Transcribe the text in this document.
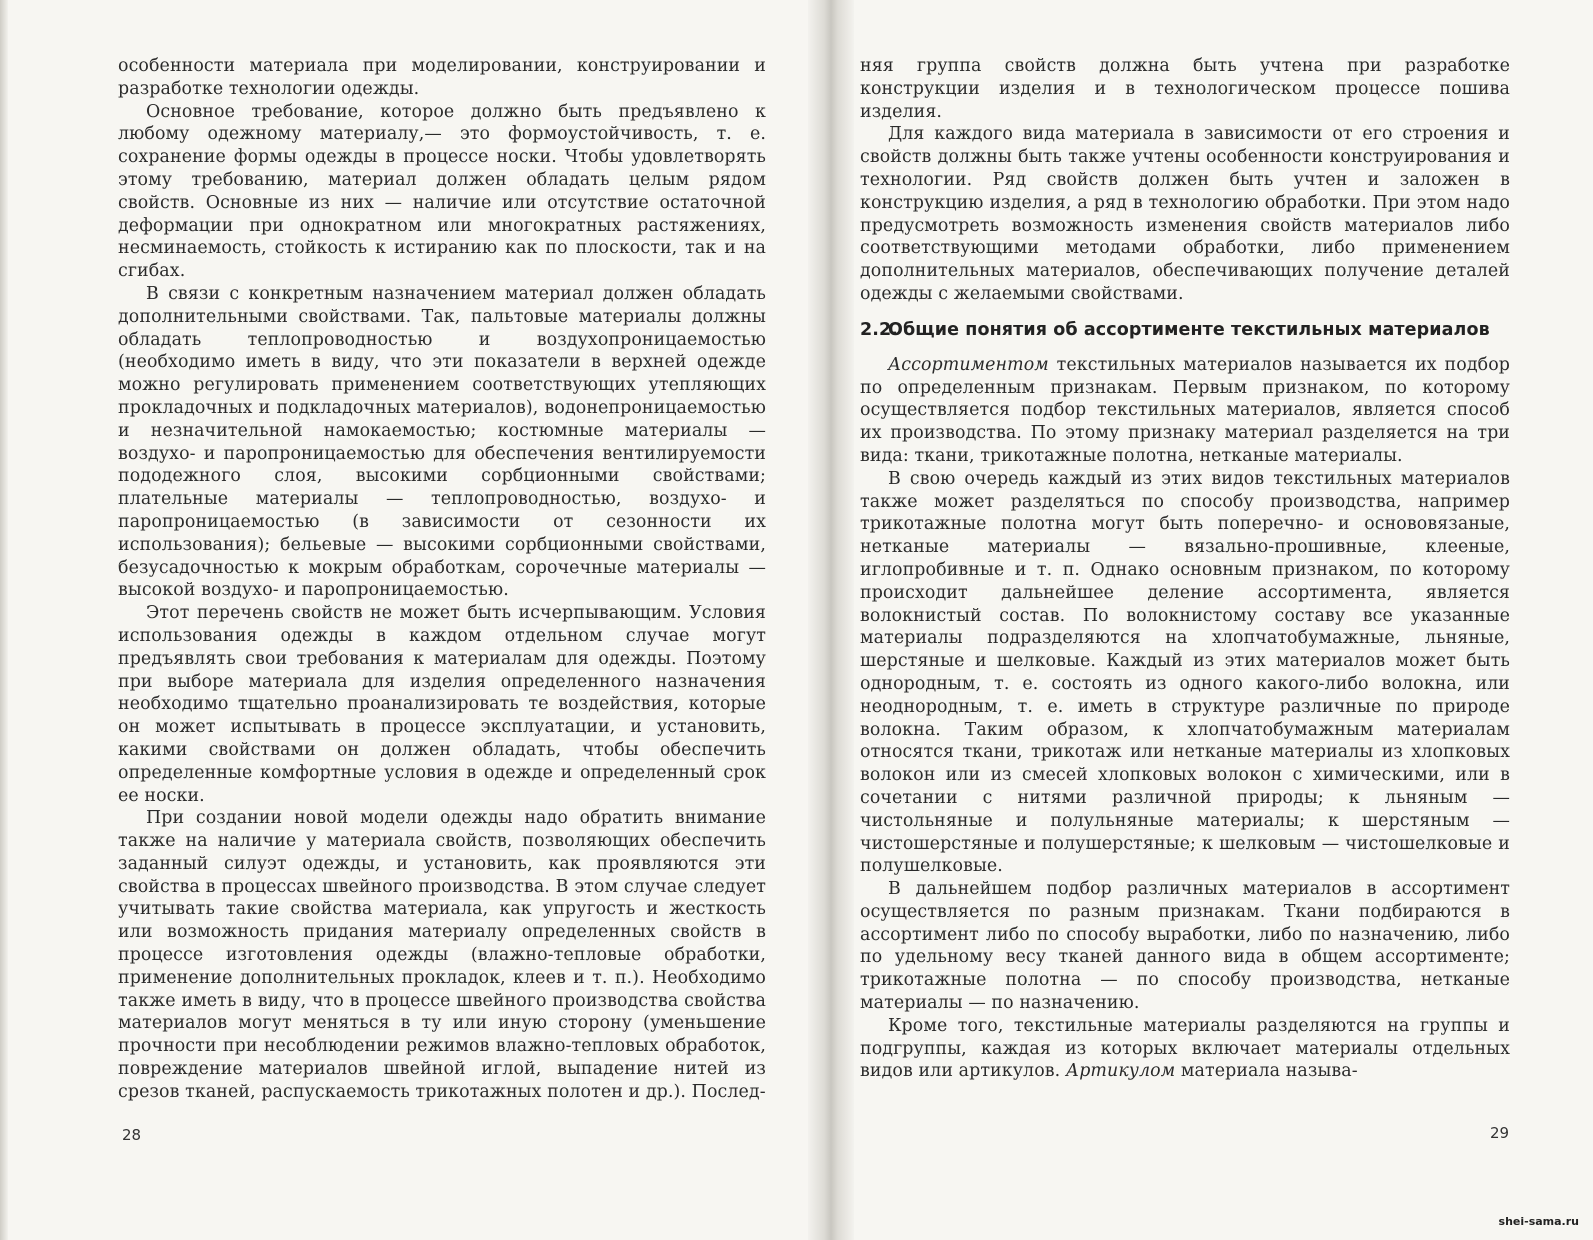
особенности материала при моделировании, конструировании и разработке технологии одежды.

Основное требование, которое должно быть предъявлено к любому одежному материалу,— это формоустойчивость, т. е. сохранение формы одежды в процессе носки. Чтобы удовлетворять этому требованию, материал должен обладать целым рядом свойств. Основные из них — наличие или отсутствие остаточной деформации при однократном или многократных растяжениях, несминаемость, стойкость к истиранию как по плоскости, так и на сгибах.

В связи с конкретным назначением материал должен обладать дополнительными свойствами. Так, пальтовые материалы должны обладать теплопроводностью и воздухопроницаемостью (необходимо иметь в виду, что эти показатели в верхней одежде можно регулировать применением соответствующих утепляющих прокладочных и подкладочных материалов), водонепроницаемостью и незначительной намокаемостью; костюмные материалы — воздухо- и паропроницаемостью для обеспечения вентилируемости пододежного слоя, высокими сорбционными свойствами; плательные материалы — теплопроводностью, воздухо- и паропроницаемостью (в зависимости от сезонности их использования); бельевые — высокими сорбционными свойствами, безусадочностью к мокрым обработкам, сорочечные материалы — высокой воздухо- и паропроницаемостью.

Этот перечень свойств не может быть исчерпывающим. Условия использования одежды в каждом отдельном случае могут предъявлять свои требования к материалам для одежды. Поэтому при выборе материала для изделия определенного назначения необходимо тщательно проанализировать те воздействия, которые он может испытывать в процессе эксплуатации, и установить, какими свойствами он должен обладать, чтобы обеспечить определенные комфортные условия в одежде и определенный срок ее носки.

При создании новой модели одежды надо обратить внимание также на наличие у материала свойств, позволяющих обеспечить заданный силуэт одежды, и установить, как проявляются эти свойства в процессах швейного производства. В этом случае следует учитывать такие свойства материала, как упругость и жесткость или возможность придания материалу определенных свойств в процессе изготовления одежды (влажно-тепловые обработки, применение дополнительных прокладок, клеев и т. п.). Необходимо также иметь в виду, что в процессе швейного производства свойства материалов могут меняться в ту или иную сторону (уменьшение прочности при несоблюдении режимов влажно-тепловых обработок, повреждение материалов швейной иглой, выпадение нитей из срезов тканей, распускаемость трикотажных полотен и др.). Послед-

28

няя группа свойств должна быть учтена при разработке конструкции изделия и в технологическом процессе пошива изделия.

Для каждого вида материала в зависимости от его строения и свойств должны быть также учтены особенности конструирования и технологии. Ряд свойств должен быть учтен и заложен в конструкцию изделия, а ряд в технологию обработки. При этом надо предусмотреть возможность изменения свойств материалов либо соответствующими методами обработки, либо применением дополнительных материалов, обеспечивающих получение деталей одежды с желаемыми свойствами.

2.2.Общие понятия об ассортименте текстильных материалов

Ассортиментом текстильных материалов называется их подбор по определенным признакам. Первым признаком, по которому осуществляется подбор текстильных материалов, является способ их производства. По этому признаку материал разделяется на три вида: ткани, трикотажные полотна, нетканые материалы.

В свою очередь каждый из этих видов текстильных материалов также может разделяться по способу производства, например трикотажные полотна могут быть поперечно- и основовязаные, нетканые материалы — вязально-прошивные, клееные, иглопробивные и т. п. Однако основным признаком, по которому происходит дальнейшее деление ассортимента, является волокнистый состав. По волокнистому составу все указанные материалы подразделяются на хлопчатобумажные, льняные, шерстяные и шелковые. Каждый из этих материалов может быть однородным, т. е. состоять из одного какого-либо волокна, или неоднородным, т. е. иметь в структуре различные по природе волокна. Таким образом, к хлопчатобумажным материалам относятся ткани, трикотаж или нетканые материалы из хлопковых волокон или из смесей хлопковых волокон с химическими, или в сочетании с нитями различной природы; к льняным — чистольняные и полульняные материалы; к шерстяным — чистошерстяные и полушерстяные; к шелковым — чистошелковые и полушелковые.

В дальнейшем подбор различных материалов в ассортимент осуществляется по разным признакам. Ткани подбираются в ассортимент либо по способу выработки, либо по назначению, либо по удельному весу тканей данного вида в общем ассортименте; трикотажные полотна — по способу производства, нетканые материалы — по назначению.

Кроме того, текстильные материалы разделяются на группы и подгруппы, каждая из которых включает материалы отдельных видов или артикулов. Артикулом материала называ-

29
shei-sama.ru
